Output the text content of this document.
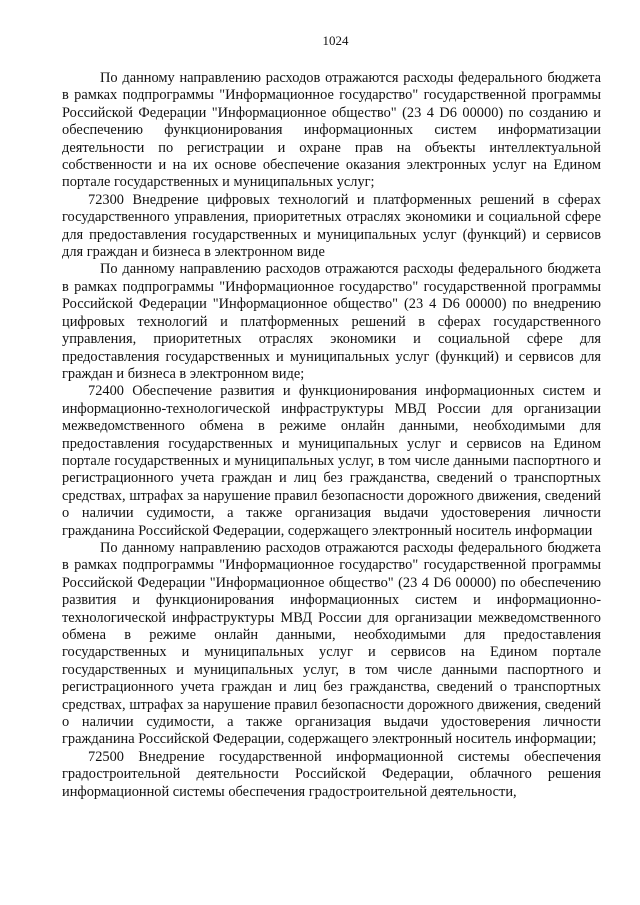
1024

По данному направлению расходов отражаются расходы федерального бюджета в рамках подпрограммы "Информационное государство" государственной программы Российской Федерации "Информационное общество" (23 4 D6 00000) по созданию и обеспечению функционирования информационных систем информатизации деятельности по регистрации и охране прав на объекты интеллектуальной собственности и на их основе обеспечение оказания электронных услуг на Едином портале государственных и муниципальных услуг;

72300 Внедрение цифровых технологий и платформенных решений в сферах государственного управления, приоритетных отраслях экономики и социальной сфере для предоставления государственных и муниципальных услуг (функций) и сервисов для граждан и бизнеса в электронном виде

По данному направлению расходов отражаются расходы федерального бюджета в рамках подпрограммы "Информационное государство" государственной программы Российской Федерации "Информационное общество" (23 4 D6 00000) по внедрению цифровых технологий и платформенных решений в сферах государственного управления, приоритетных отраслях экономики и социальной сфере для предоставления государственных и муниципальных услуг (функций) и сервисов для граждан и бизнеса в электронном виде;

72400 Обеспечение развития и функционирования информационных систем и информационно-технологической инфраструктуры МВД России для организации межведомственного обмена в режиме онлайн данными, необходимыми для предоставления государственных и муниципальных услуг и сервисов на Едином портале государственных и муниципальных услуг, в том числе данными паспортного и регистрационного учета граждан и лиц без гражданства, сведений о транспортных средствах, штрафах за нарушение правил безопасности дорожного движения, сведений о наличии судимости, а также организация выдачи удостоверения личности гражданина Российской Федерации, содержащего электронный носитель информации

По данному направлению расходов отражаются расходы федерального бюджета в рамках подпрограммы "Информационное государство" государственной программы Российской Федерации "Информационное общество" (23 4 D6 00000) по обеспечению развития и функционирования информационных систем и информационно-технологической инфраструктуры МВД России для организации межведомственного обмена в режиме онлайн данными, необходимыми для предоставления государственных и муниципальных услуг и сервисов на Едином портале государственных и муниципальных услуг, в том числе данными паспортного и регистрационного учета граждан и лиц без гражданства, сведений о транспортных средствах, штрафах за нарушение правил безопасности дорожного движения, сведений о наличии судимости, а также организация выдачи удостоверения личности гражданина Российской Федерации, содержащего электронный носитель информации;

72500 Внедрение государственной информационной системы обеспечения градостроительной деятельности Российской Федерации, облачного решения информационной системы обеспечения градостроительной деятельности,
